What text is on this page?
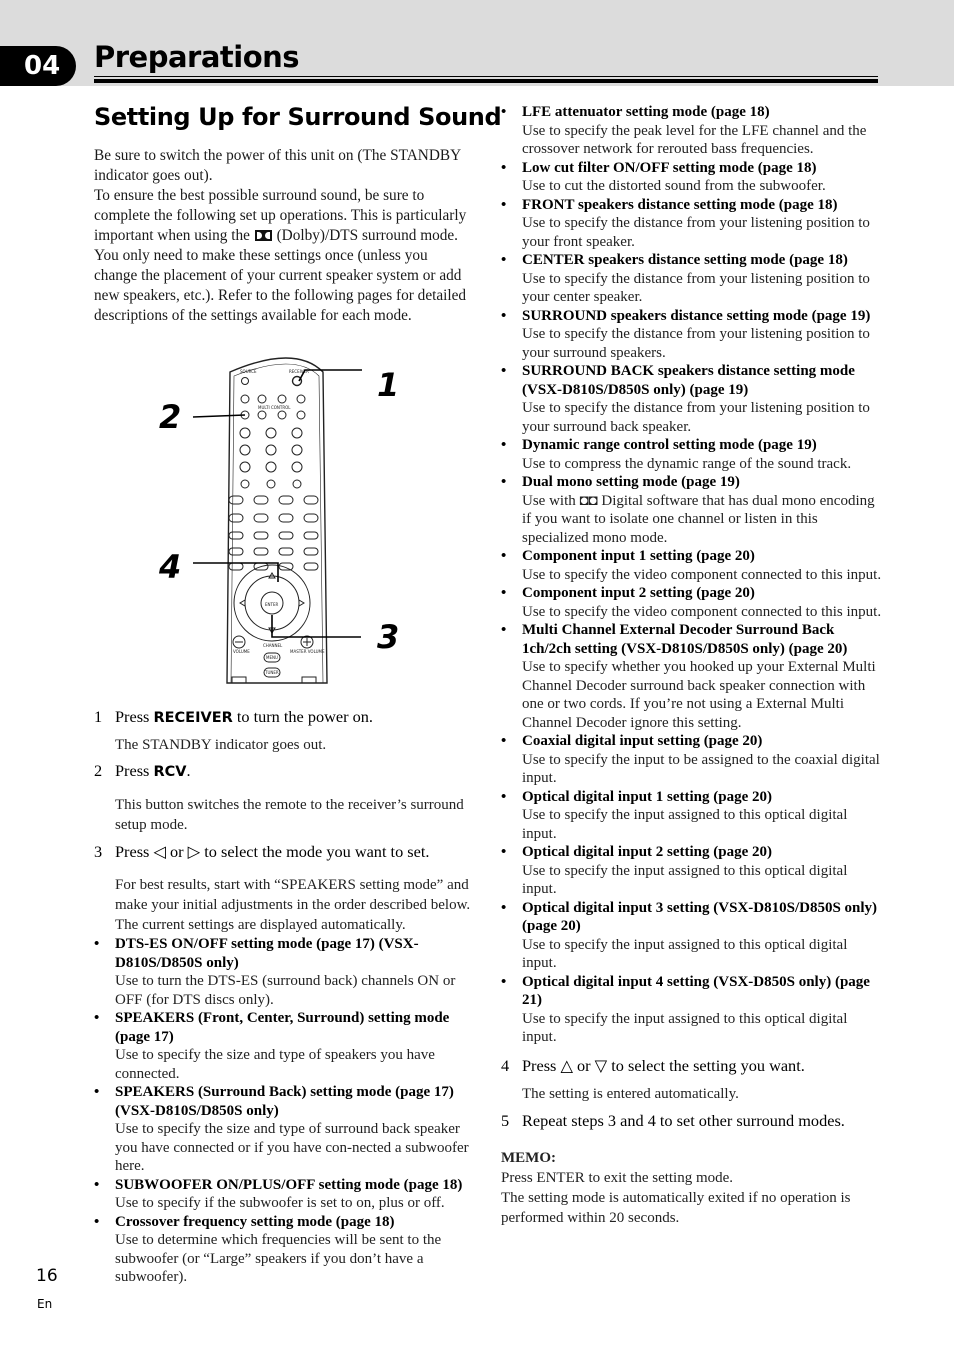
04	Preparations
Setting Up for Surround Sound

Be sure to switch the power of this unit on (The STANDBY indicator goes out).

To ensure the best possible surround sound, be sure to complete the following set up operations. This is particularly important when using the (Dolby)/DTS surround mode. You only need to make these settings once (unless you change the placement of your current speaker system or add new speakers, etc.). Refer to the following pages for detailed descriptions of the settings available for each mode.

SOURCE	RECEIVER
MULTI CONTROL
ENTER
VOLUME
CHANNEL
MASTER VOLUME
MENU
TUNER
1
2
3
4
1 Press RECEIVER to turn the power on.
The STANDBY indicator goes out.
2 Press RCV.
This button switches the remote to the receiver’s surround setup mode.
3 Press ◁ or ▷ to select the mode you want to set.

For best results, start with “SPEAKERS setting mode” and make your initial adjustments in the order described below.

The current settings are displayed automatically.

• DTS-ES ON/OFF setting mode (page 17) (VSX-D810S/D850S only)
Use to turn the DTS-ES (surround back) channels ON or OFF (for DTS discs only).
• SPEAKERS (Front, Center, Surround) setting mode (page 17)
Use to specify the size and type of speakers you have connected.
• SPEAKERS (Surround Back) setting mode (page 17) (VSX-D810S/D850S only)
Use to specify the size and type of surround back speaker you have connected or if you have con-nected a subwoofer here.
• SUBWOOFER ON/PLUS/OFF setting mode (page 18)
Use to specify if the subwoofer is set to on, plus or off.
• Crossover frequency setting mode (page 18)
Use to determine which frequencies will be sent to the subwoofer (or “Large” speakers if you don’t have a subwoofer).
• LFE attenuator setting mode (page 18)
Use to specify the peak level for the LFE channel and the crossover network for rerouted bass frequencies.
• Low cut filter ON/OFF setting mode (page 18)
Use to cut the distorted sound from the subwoofer.
• FRONT speakers distance setting mode (page 18)
Use to specify the distance from your listening position to your front speaker.
• CENTER speakers distance setting mode (page 18)
Use to specify the distance from your listening position to your center speaker.
• SURROUND speakers distance setting mode (page 19)
Use to specify the distance from your listening position to your surround speakers.
• SURROUND BACK speakers distance setting mode (VSX-D810S/D850S only) (page 19)
Use to specify the distance from your listening position to your surround back speaker.
• Dynamic range control setting mode (page 19)
Use to compress the dynamic range of the sound track.
• Dual mono setting mode (page 19)
Use with ◘◘ Digital software that has dual mono encoding if you want to isolate one channel or listen in this specialized mono mode.
• Component input 1 setting (page 20)
Use to specify the video component connected to this input.
• Component input 2 setting (page 20)
Use to specify the video component connected to this input.
• Multi Channel External Decoder Surround Back 1ch/2ch setting (VSX-D810S/D850S only) (page 20)
Use to specify whether you hooked up your External Multi Channel Decoder surround back speaker connection with one or two cords. If you’re not using a External Multi Channel Decoder ignore this setting.
• Coaxial digital input setting (page 20)
Use to specify the input to be assigned to the coaxial digital input.
• Optical digital input 1 setting (page 20)
Use to specify the input assigned to this optical digital input.
• Optical digital input 2 setting (page 20)
Use to specify the input assigned to this optical digital input.
• Optical digital input 3 setting (VSX-D810S/D850S only) (page 20)
Use to specify the input assigned to this optical digital input.
• Optical digital input 4 setting (VSX-D850S only) (page 21)
Use to specify the input assigned to this optical digital input.
4 Press △ or ▽ to select the setting you want.
The setting is entered automatically.
5 Repeat steps 3 and 4 to set other surround modes.

MEMO:

Press ENTER to exit the setting mode.

The setting mode is automatically exited if no operation is performed within 20 seconds.

16
En
